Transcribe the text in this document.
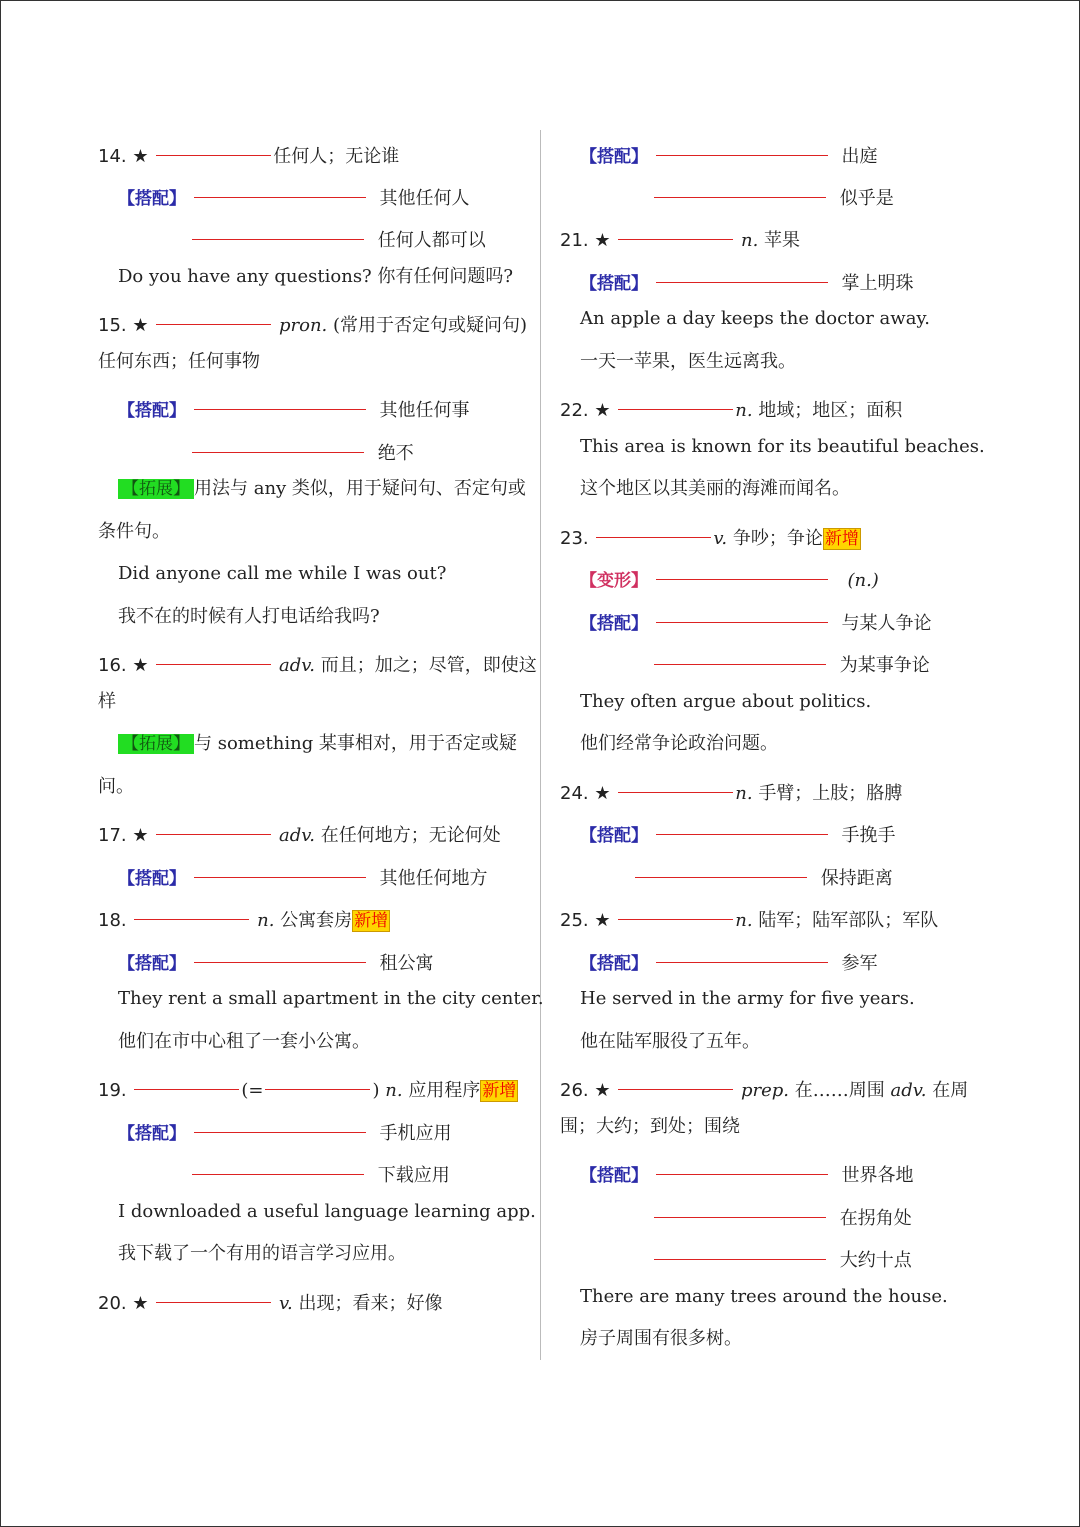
14. ★	任何人；无论谁
【搭配】	其他任何人
任何人都可以
Do you have any questions? 你有任何问题吗?
15. ★	pron. (常用于否定句或疑问句)
任何东西；任何事物
【搭配】	其他任何事
绝不
【拓展】 用法与 any 类似，用于疑问句、否定句或
条件句。
Did anyone call me while I was out?
我不在的时候有人打电话给我吗?
16. ★	adv. 而且；加之；尽管，即使这
样
【拓展】 与 something 某事相对，用于否定或疑
问。
17. ★	adv. 在任何地方；无论何处
【搭配】	其他任何地方
18.	n. 公寓套房 新增
【搭配】	租公寓
They rent a small apartment in the city center.
他们在市中心租了一套小公寓。
19.	(=	) n. 应用程序 新增
【搭配】	手机应用
下载应用
I downloaded a useful language learning app.
我下载了一个有用的语言学习应用。
20. ★	v. 出现；看来；好像
【搭配】	出庭
似乎是
21. ★	n. 苹果
【搭配】	掌上明珠
An apple a day keeps the doctor away.
一天一苹果，医生远离我。
22. ★	n. 地域；地区；面积
This area is known for its beautiful beaches.
这个地区以其美丽的海滩而闻名。
23.	v. 争吵；争论 新增
【变形】	(n.)
【搭配】	与某人争论
为某事争论
They often argue about politics.
他们经常争论政治问题。
24. ★	n. 手臂；上肢；胳膊
【搭配】	手挽手
保持距离
25. ★	n. 陆军；陆军部队；军队
【搭配】	参军
He served in the army for five years.
他在陆军服役了五年。
26. ★	prep. 在……周围 adv. 在周
围；大约；到处；围绕
【搭配】	世界各地
在拐角处
大约十点
There are many trees around the house.
房子周围有很多树。
